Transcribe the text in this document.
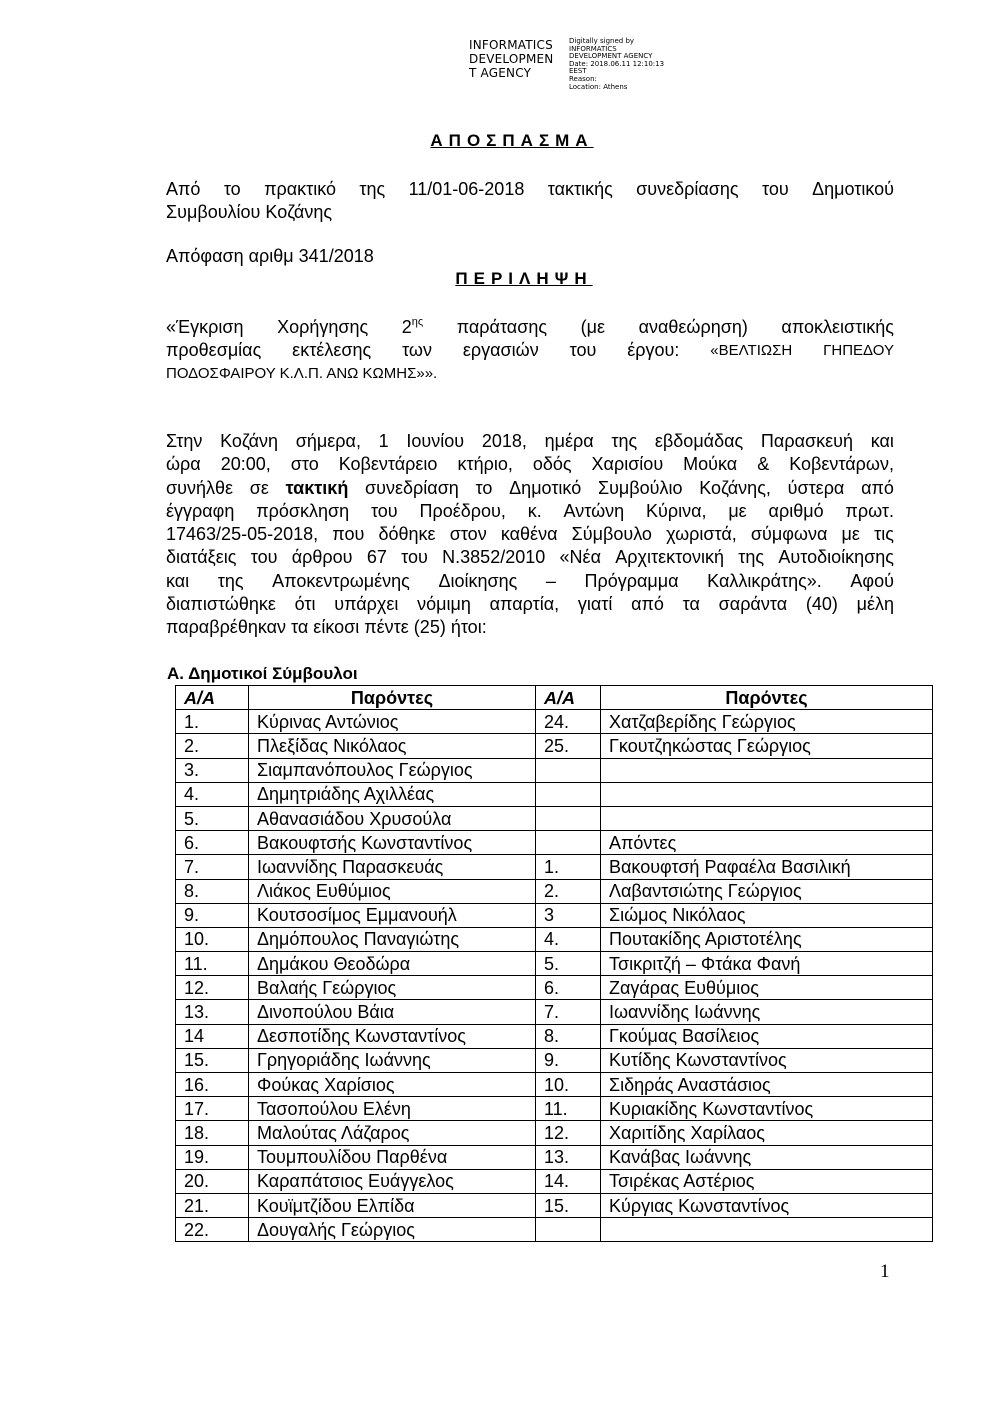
INFORMATICS
DEVELOPMEN
T AGENCY
Digitally signed by
INFORMATICS
DEVELOPMENT AGENCY
Date: 2018.06.11 12:10:13
EEST
Reason:
Location: Athens
ΑΠΟΣΠΑΣΜΑ
Από το πρακτικό της 11/01-06-2018 τακτικής συνεδρίασης του Δημοτικού
Συμβουλίου Κοζάνης
Απόφαση αριθμ 341/2018
ΠΕΡΙΛΗΨΗ
«Έγκριση Χορήγησης $2^{\eta\varsigma}$ παράτασης (με αναθεώρηση) αποκλειστικής
προθεσμίας εκτέλεσης των εργασιών του έργου: «ΒΕΛΤΙΩΣΗ ΓΗΠΕΔΟΥ
ΠΟΔΟΣΦΑΙΡΟΥ Κ.Λ.Π. ΑΝΩ ΚΩΜΗΣ»».
Στην Κοζάνη σήμερα, 1 Ιουνίου 2018, ημέρα της εβδομάδας Παρασκευή και
ώρα 20:00, στο Κοβεντάρειο κτήριο, οδός Χαρισίου Μούκα & Κοβεντάρων,
συνήλθε σε τακτική συνεδρίαση το Δημοτικό Συμβούλιο Κοζάνης, ύστερα από
έγγραφη πρόσκληση του Προέδρου, κ. Αντώνη Κύρινα, με αριθμό πρωτ.
17463/25-05-2018, που δόθηκε στον καθένα Σύμβουλο χωριστά, σύμφωνα με τις
διατάξεις του άρθρου 67 του Ν.3852/2010 «Νέα Αρχιτεκτονική της Αυτοδιοίκησης
και της Αποκεντρωμένης Διοίκησης – Πρόγραμμα Καλλικράτης». Αφού
διαπιστώθηκε ότι υπάρχει νόμιμη απαρτία, γιατί από τα σαράντα (40) μέλη
παραβρέθηκαν τα είκοσι πέντε (25) ήτοι:
Α. Δημοτικοί Σύμβουλοι
Α/Α	Παρόντες	Α/Α	Παρόντες
1.	Κύρινας Αντώνιος	24.	Χατζαβερίδης Γεώργιος
2.	Πλεξίδας Νικόλαος	25.	Γκουτζηκώστας Γεώργιος
3.	Σιαμπανόπουλος Γεώργιος		
4.	Δημητριάδης Αχιλλέας		
5.	Αθανασιάδου Χρυσούλα		
6.	Βακουφτσής Κωνσταντίνος		Απόντες
7.	Ιωαννίδης Παρασκευάς	1.	Βακουφτσή Ραφαέλα Βασιλική
8.	Λιάκος Ευθύμιος	2.	Λαβαντσιώτης Γεώργιος
9.	Κουτσοσίμος Εμμανουήλ	3	Σιώμος Νικόλαος
10.	Δημόπουλος Παναγιώτης	4.	Πουτακίδης Αριστοτέλης
11.	Δημάκου Θεοδώρα	5.	Τσικριτζή – Φτάκα Φανή
12.	Βαλαής Γεώργιος	6.	Ζαγάρας Ευθύμιος
13.	Δινοπούλου Βάια	7.	Ιωαννίδης Ιωάννης
14	Δεσποτίδης Κωνσταντίνος	8.	Γκούμας Βασίλειος
15.	Γρηγοριάδης Ιωάννης	9.	Κυτίδης Κωνσταντίνος
16.	Φούκας Χαρίσιος	10.	Σιδηράς Αναστάσιος
17.	Τασοπούλου Ελένη	11.	Κυριακίδης Κωνσταντίνος
18.	Μαλούτας Λάζαρος	12.	Χαριτίδης Χαρίλαος
19.	Τουμπουλίδου Παρθένα	13.	Κανάβας Ιωάννης
20.	Καραπάτσιος Ευάγγελος	14.	Τσιρέκας Αστέριος
21.	Κουϊμτζίδου Ελπίδα	15.	Κύργιας Κωνσταντίνος
22.	Δουγαλής Γεώργιος		
1
